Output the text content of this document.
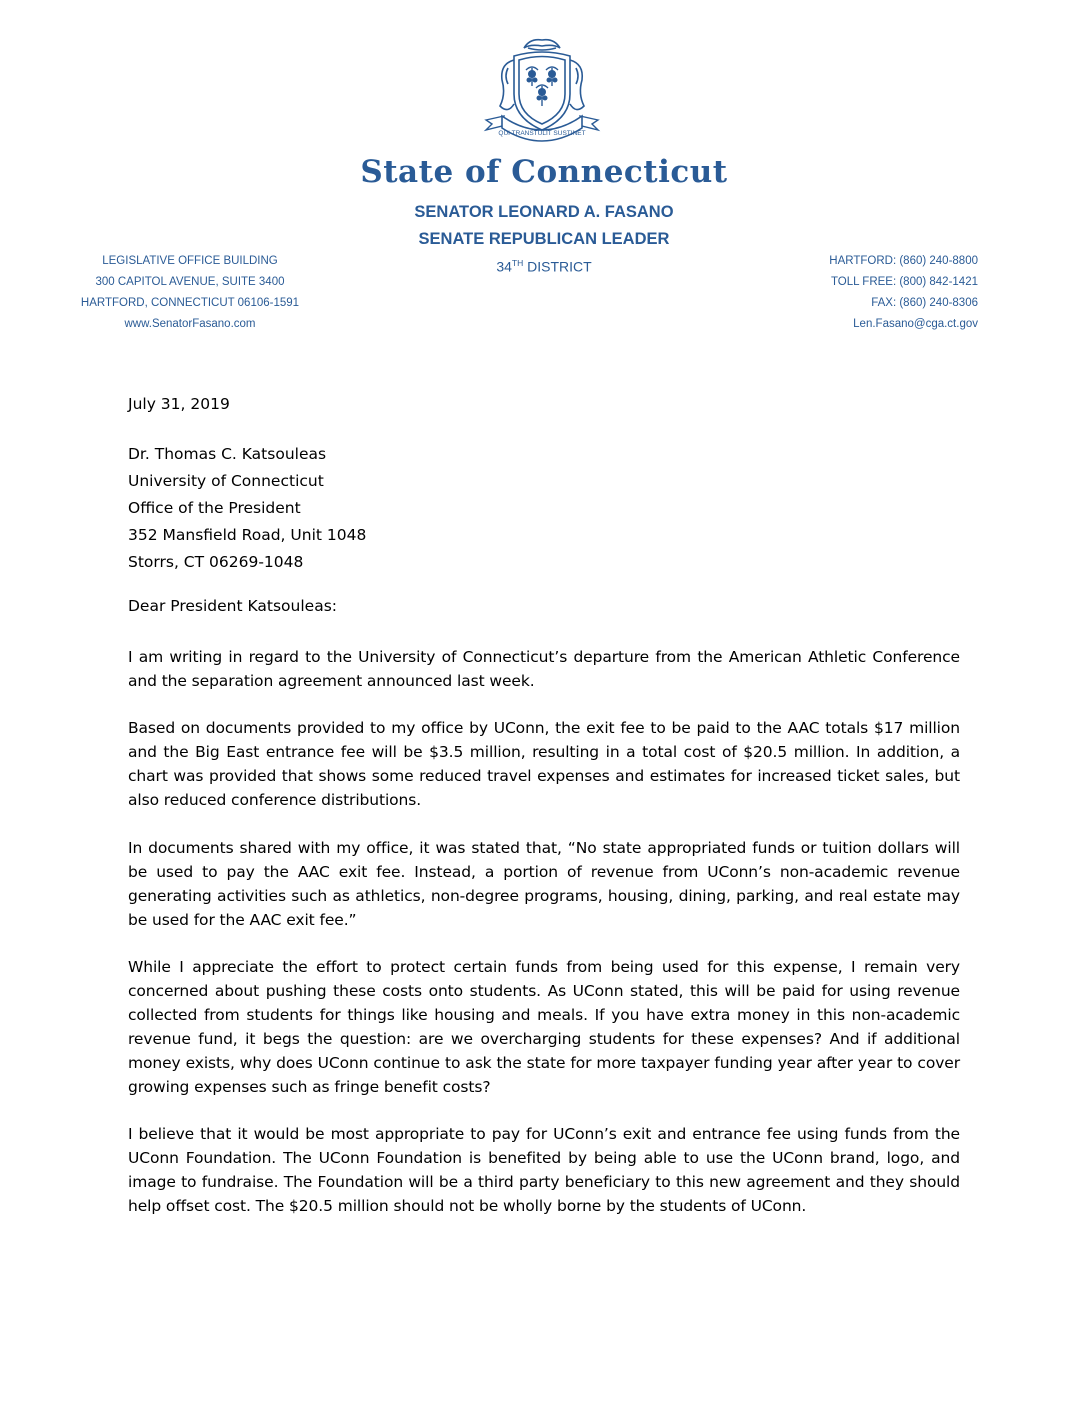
QUI TRANSTULIT SUSTINET
State of Connecticut
SENATOR LEONARD A. FASANO
SENATE REPUBLICAN LEADER
34TH DISTRICT
LEGISLATIVE OFFICE BUILDING
300 CAPITOL AVENUE, SUITE 3400
HARTFORD, CONNECTICUT 06106-1591
www.SenatorFasano.com
HARTFORD: (860) 240-8800
TOLL FREE: (800) 842-1421
FAX: (860) 240-8306
Len.Fasano@cga.ct.gov
July 31, 2019
Dr. Thomas C. Katsouleas
University of Connecticut
Office of the President
352 Mansfield Road, Unit 1048
Storrs, CT 06269-1048
Dear President Katsouleas:
I am writing in regard to the University of Connecticut’s departure from the American Athletic Conference and the separation agreement announced last week.
Based on documents provided to my office by UConn, the exit fee to be paid to the AAC totals $17 million and the Big East entrance fee will be $3.5 million, resulting in a total cost of $20.5 million. In addition, a chart was provided that shows some reduced travel expenses and estimates for increased ticket sales, but also reduced conference distributions.
In documents shared with my office, it was stated that, “No state appropriated funds or tuition dollars will be used to pay the AAC exit fee. Instead, a portion of revenue from UConn’s non-academic revenue generating activities such as athletics, non-degree programs, housing, dining, parking, and real estate may be used for the AAC exit fee.”
While I appreciate the effort to protect certain funds from being used for this expense, I remain very concerned about pushing these costs onto students. As UConn stated, this will be paid for using revenue collected from students for things like housing and meals. If you have extra money in this non-academic revenue fund, it begs the question: are we overcharging students for these expenses? And if additional money exists, why does UConn continue to ask the state for more taxpayer funding year after year to cover growing expenses such as fringe benefit costs?
I believe that it would be most appropriate to pay for UConn’s exit and entrance fee using funds from the UConn Foundation. The UConn Foundation is benefited by being able to use the UConn brand, logo, and image to fundraise. The Foundation will be a third party beneficiary to this new agreement and they should help offset cost. The $20.5 million should not be wholly borne by the students of UConn.
